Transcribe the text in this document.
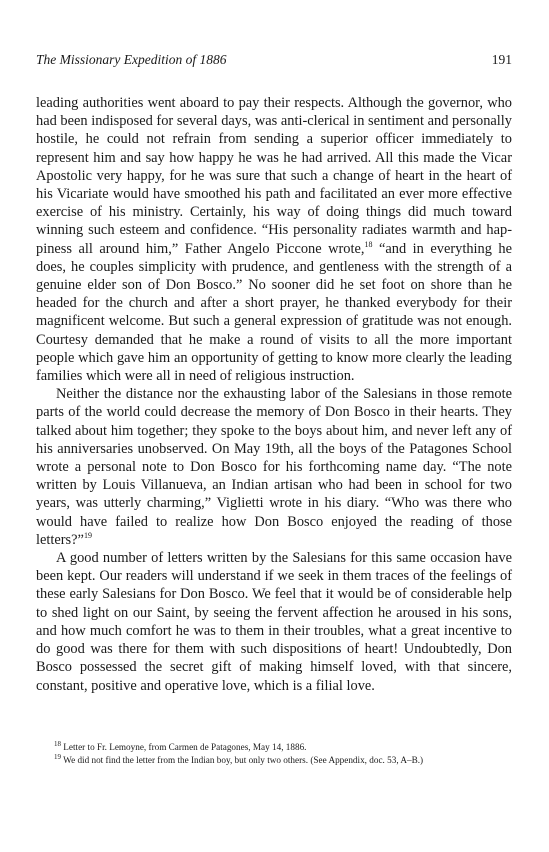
The Missionary Expedition of 1886	191

leading authorities went aboard to pay their respects. Although the governor, who had been indisposed for several days, was anti-clerical in sentiment and personally hostile, he could not refrain from sending a superior officer immediately to represent him and say how happy he was he had arrived. All this made the Vicar Apostolic very happy, for he was sure that such a change of heart in the heart of his Vicariate would have smoothed his path and facilitated an ever more effective exercise of his ministry. Certainly, his way of doing things did much toward winning such esteem and confidence. “His personality radiates warmth and happiness all around him,” Father Angelo Piccone wrote,$^{18}$ “and in everything he does, he couples simplicity with prudence, and gentleness with the strength of a genuine elder son of Don Bosco.” No sooner did he set foot on shore than he headed for the church and after a short prayer, he thanked everybody for their magnificent welcome. But such a general expression of gratitude was not enough. Courtesy demanded that he make a round of visits to all the more important people which gave him an opportunity of getting to know more clearly the leading families which were all in need of religious instruction.

Neither the distance nor the exhausting labor of the Salesians in those remote parts of the world could decrease the memory of Don Bosco in their hearts. They talked about him together; they spoke to the boys about him, and never left any of his anniversaries unobserved. On May 19th, all the boys of the Patagones School wrote a personal note to Don Bosco for his forthcoming name day. “The note written by Louis Villanueva, an Indian artisan who had been in school for two years, was utterly charming,” Viglietti wrote in his diary. “Who was there who would have failed to realize how Don Bosco enjoyed the reading of those letters?”$^{19}$

A good number of letters written by the Salesians for this same occasion have been kept. Our readers will understand if we seek in them traces of the feelings of these early Salesians for Don Bosco. We feel that it would be of considerable help to shed light on our Saint, by seeing the fervent affection he aroused in his sons, and how much comfort he was to them in their troubles, what a great incentive to do good was there for them with such dispositions of heart! Undoubtedly, Don Bosco possessed the secret gift of making himself loved, with that sincere, constant, positive and operative love, which is a filial love.

$^{18}$ Letter to Fr. Lemoyne, from Carmen de Patagones, May 14, 1886.

$^{19}$ We did not find the letter from the Indian boy, but only two others. (See Appendix, doc. 53, A–B.)
